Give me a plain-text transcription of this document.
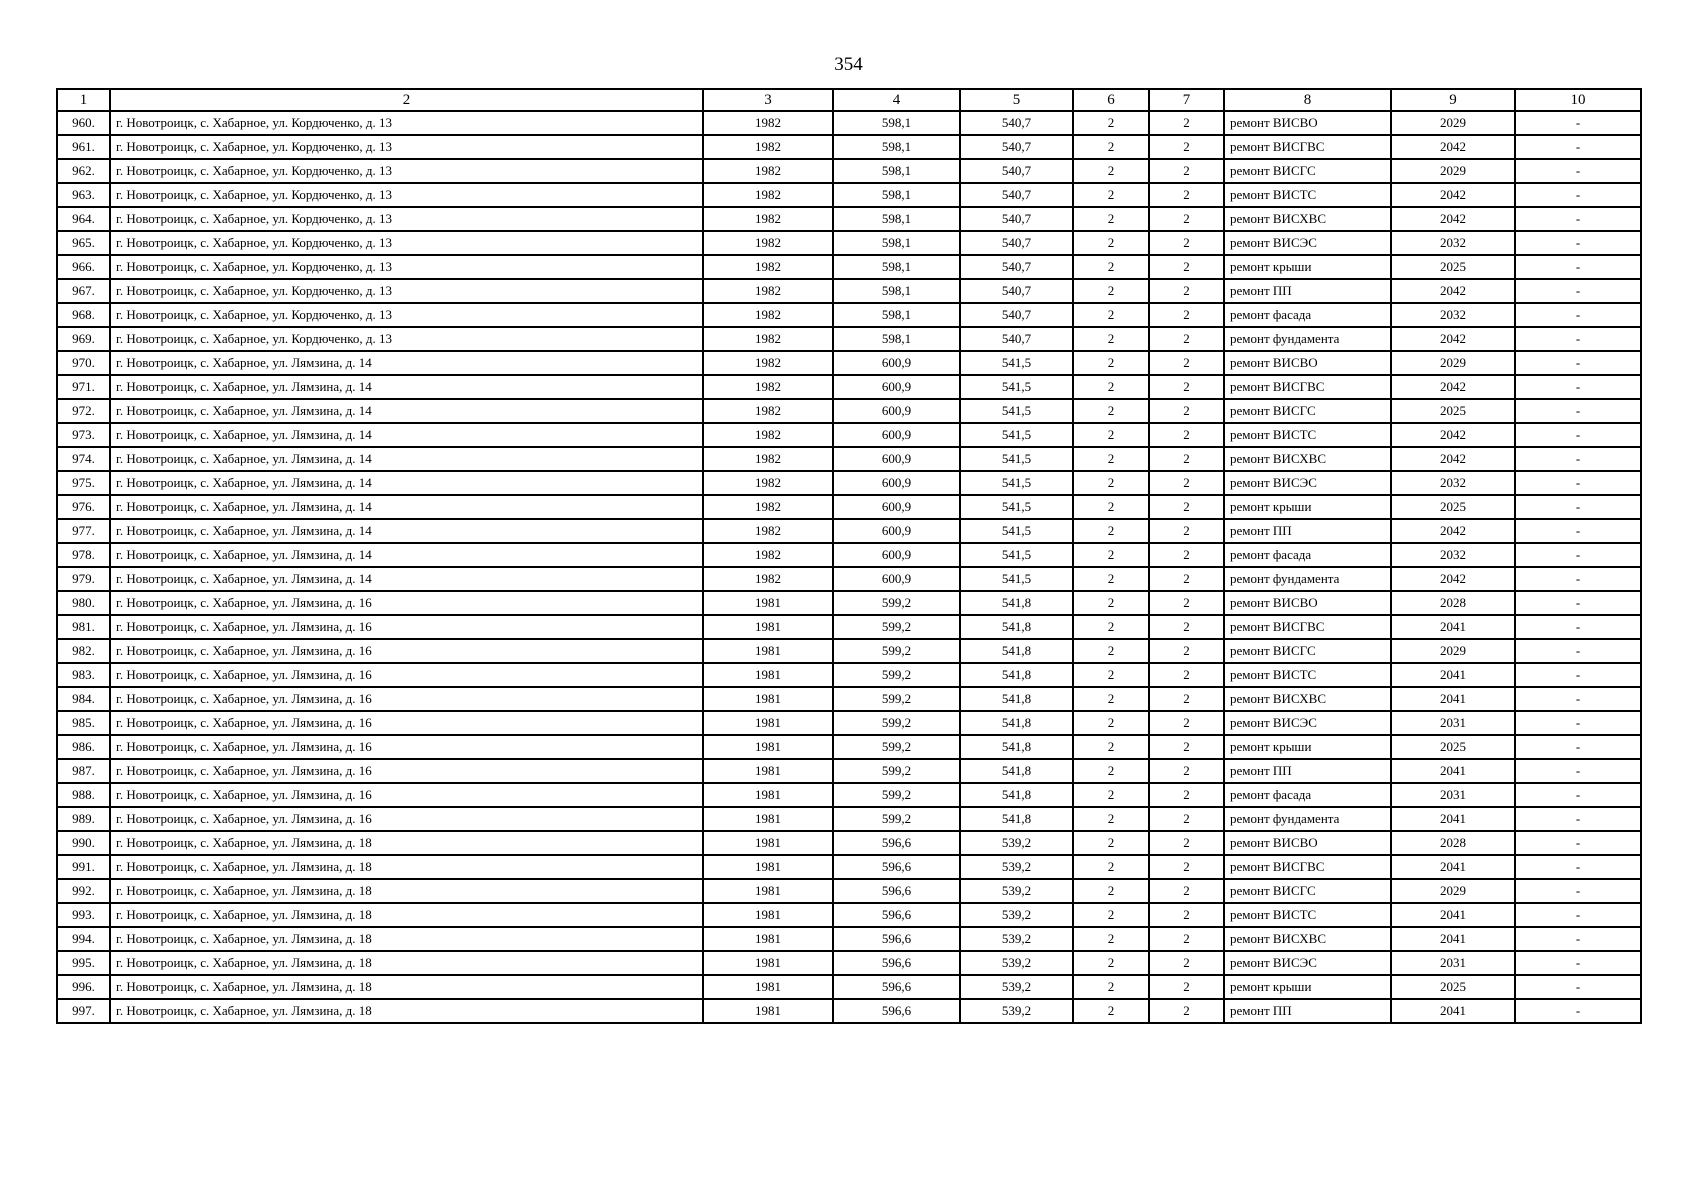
354
1	2	3	4	5	6	7	8	9	10
960.	г. Новотроицк, с. Хабарное, ул. Кордюченко, д. 13	1982	598,1	540,7	2	2	ремонт ВИСВО	2029	-
961.	г. Новотроицк, с. Хабарное, ул. Кордюченко, д. 13	1982	598,1	540,7	2	2	ремонт ВИСГВС	2042	-
962.	г. Новотроицк, с. Хабарное, ул. Кордюченко, д. 13	1982	598,1	540,7	2	2	ремонт ВИСГС	2029	-
963.	г. Новотроицк, с. Хабарное, ул. Кордюченко, д. 13	1982	598,1	540,7	2	2	ремонт ВИСТС	2042	-
964.	г. Новотроицк, с. Хабарное, ул. Кордюченко, д. 13	1982	598,1	540,7	2	2	ремонт ВИСХВС	2042	-
965.	г. Новотроицк, с. Хабарное, ул. Кордюченко, д. 13	1982	598,1	540,7	2	2	ремонт ВИСЭС	2032	-
966.	г. Новотроицк, с. Хабарное, ул. Кордюченко, д. 13	1982	598,1	540,7	2	2	ремонт крыши	2025	-
967.	г. Новотроицк, с. Хабарное, ул. Кордюченко, д. 13	1982	598,1	540,7	2	2	ремонт ПП	2042	-
968.	г. Новотроицк, с. Хабарное, ул. Кордюченко, д. 13	1982	598,1	540,7	2	2	ремонт фасада	2032	-
969.	г. Новотроицк, с. Хабарное, ул. Кордюченко, д. 13	1982	598,1	540,7	2	2	ремонт фундамента	2042	-
970.	г. Новотроицк, с. Хабарное, ул. Лямзина, д. 14	1982	600,9	541,5	2	2	ремонт ВИСВО	2029	-
971.	г. Новотроицк, с. Хабарное, ул. Лямзина, д. 14	1982	600,9	541,5	2	2	ремонт ВИСГВС	2042	-
972.	г. Новотроицк, с. Хабарное, ул. Лямзина, д. 14	1982	600,9	541,5	2	2	ремонт ВИСГС	2025	-
973.	г. Новотроицк, с. Хабарное, ул. Лямзина, д. 14	1982	600,9	541,5	2	2	ремонт ВИСТС	2042	-
974.	г. Новотроицк, с. Хабарное, ул. Лямзина, д. 14	1982	600,9	541,5	2	2	ремонт ВИСХВС	2042	-
975.	г. Новотроицк, с. Хабарное, ул. Лямзина, д. 14	1982	600,9	541,5	2	2	ремонт ВИСЭС	2032	-
976.	г. Новотроицк, с. Хабарное, ул. Лямзина, д. 14	1982	600,9	541,5	2	2	ремонт крыши	2025	-
977.	г. Новотроицк, с. Хабарное, ул. Лямзина, д. 14	1982	600,9	541,5	2	2	ремонт ПП	2042	-
978.	г. Новотроицк, с. Хабарное, ул. Лямзина, д. 14	1982	600,9	541,5	2	2	ремонт фасада	2032	-
979.	г. Новотроицк, с. Хабарное, ул. Лямзина, д. 14	1982	600,9	541,5	2	2	ремонт фундамента	2042	-
980.	г. Новотроицк, с. Хабарное, ул. Лямзина, д. 16	1981	599,2	541,8	2	2	ремонт ВИСВО	2028	-
981.	г. Новотроицк, с. Хабарное, ул. Лямзина, д. 16	1981	599,2	541,8	2	2	ремонт ВИСГВС	2041	-
982.	г. Новотроицк, с. Хабарное, ул. Лямзина, д. 16	1981	599,2	541,8	2	2	ремонт ВИСГС	2029	-
983.	г. Новотроицк, с. Хабарное, ул. Лямзина, д. 16	1981	599,2	541,8	2	2	ремонт ВИСТС	2041	-
984.	г. Новотроицк, с. Хабарное, ул. Лямзина, д. 16	1981	599,2	541,8	2	2	ремонт ВИСХВС	2041	-
985.	г. Новотроицк, с. Хабарное, ул. Лямзина, д. 16	1981	599,2	541,8	2	2	ремонт ВИСЭС	2031	-
986.	г. Новотроицк, с. Хабарное, ул. Лямзина, д. 16	1981	599,2	541,8	2	2	ремонт крыши	2025	-
987.	г. Новотроицк, с. Хабарное, ул. Лямзина, д. 16	1981	599,2	541,8	2	2	ремонт ПП	2041	-
988.	г. Новотроицк, с. Хабарное, ул. Лямзина, д. 16	1981	599,2	541,8	2	2	ремонт фасада	2031	-
989.	г. Новотроицк, с. Хабарное, ул. Лямзина, д. 16	1981	599,2	541,8	2	2	ремонт фундамента	2041	-
990.	г. Новотроицк, с. Хабарное, ул. Лямзина, д. 18	1981	596,6	539,2	2	2	ремонт ВИСВО	2028	-
991.	г. Новотроицк, с. Хабарное, ул. Лямзина, д. 18	1981	596,6	539,2	2	2	ремонт ВИСГВС	2041	-
992.	г. Новотроицк, с. Хабарное, ул. Лямзина, д. 18	1981	596,6	539,2	2	2	ремонт ВИСГС	2029	-
993.	г. Новотроицк, с. Хабарное, ул. Лямзина, д. 18	1981	596,6	539,2	2	2	ремонт ВИСТС	2041	-
994.	г. Новотроицк, с. Хабарное, ул. Лямзина, д. 18	1981	596,6	539,2	2	2	ремонт ВИСХВС	2041	-
995.	г. Новотроицк, с. Хабарное, ул. Лямзина, д. 18	1981	596,6	539,2	2	2	ремонт ВИСЭС	2031	-
996.	г. Новотроицк, с. Хабарное, ул. Лямзина, д. 18	1981	596,6	539,2	2	2	ремонт крыши	2025	-
997.	г. Новотроицк, с. Хабарное, ул. Лямзина, д. 18	1981	596,6	539,2	2	2	ремонт ПП	2041	-
